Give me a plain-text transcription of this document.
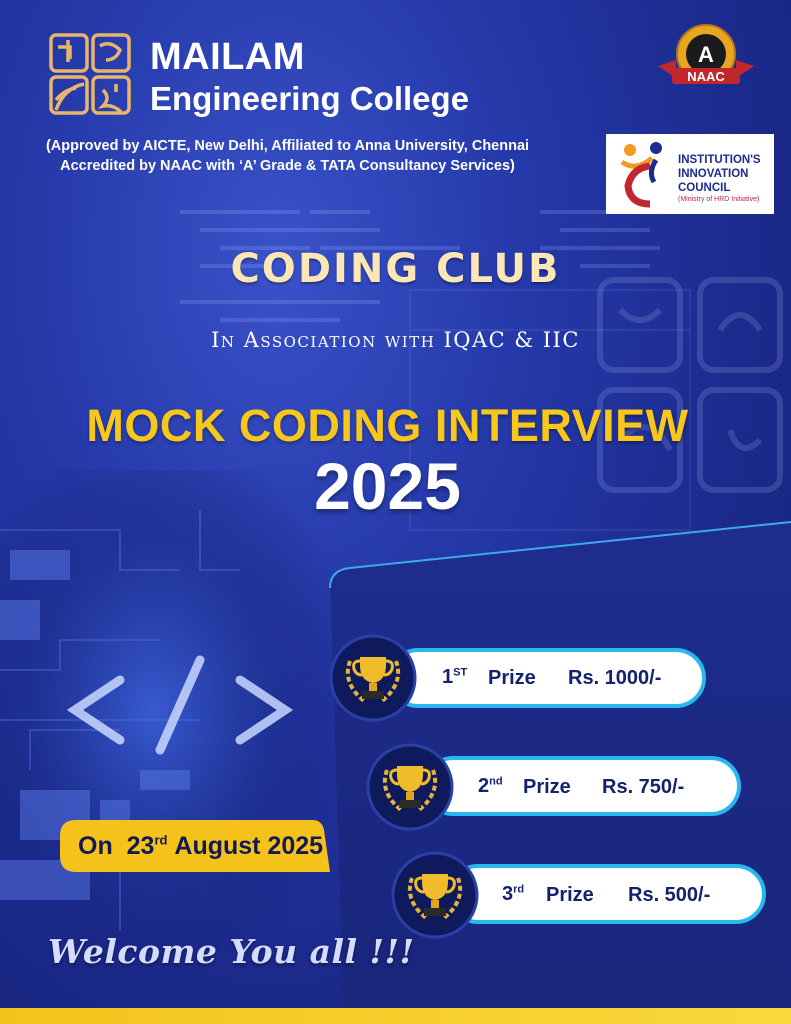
MAILAM
Engineering College
(Approved by AICTE, New Delhi, Affiliated to Anna University, Chennai
Accredited by NAAC with ‘A’ Grade & TATA Consultancy Services)
A
NAAC
INSTITUTION'S
INNOVATION
COUNCIL
(Ministry of HRD Initiative)
CODING CLUB
In Association with IQAC & IIC
MOCK CODING INTERVIEW
2025
1ST Prize Rs. 1000/-
2nd Prize Rs. 750/-
3rd Prize Rs. 500/-
On 23rd August 2025
Welcome You all !!!
